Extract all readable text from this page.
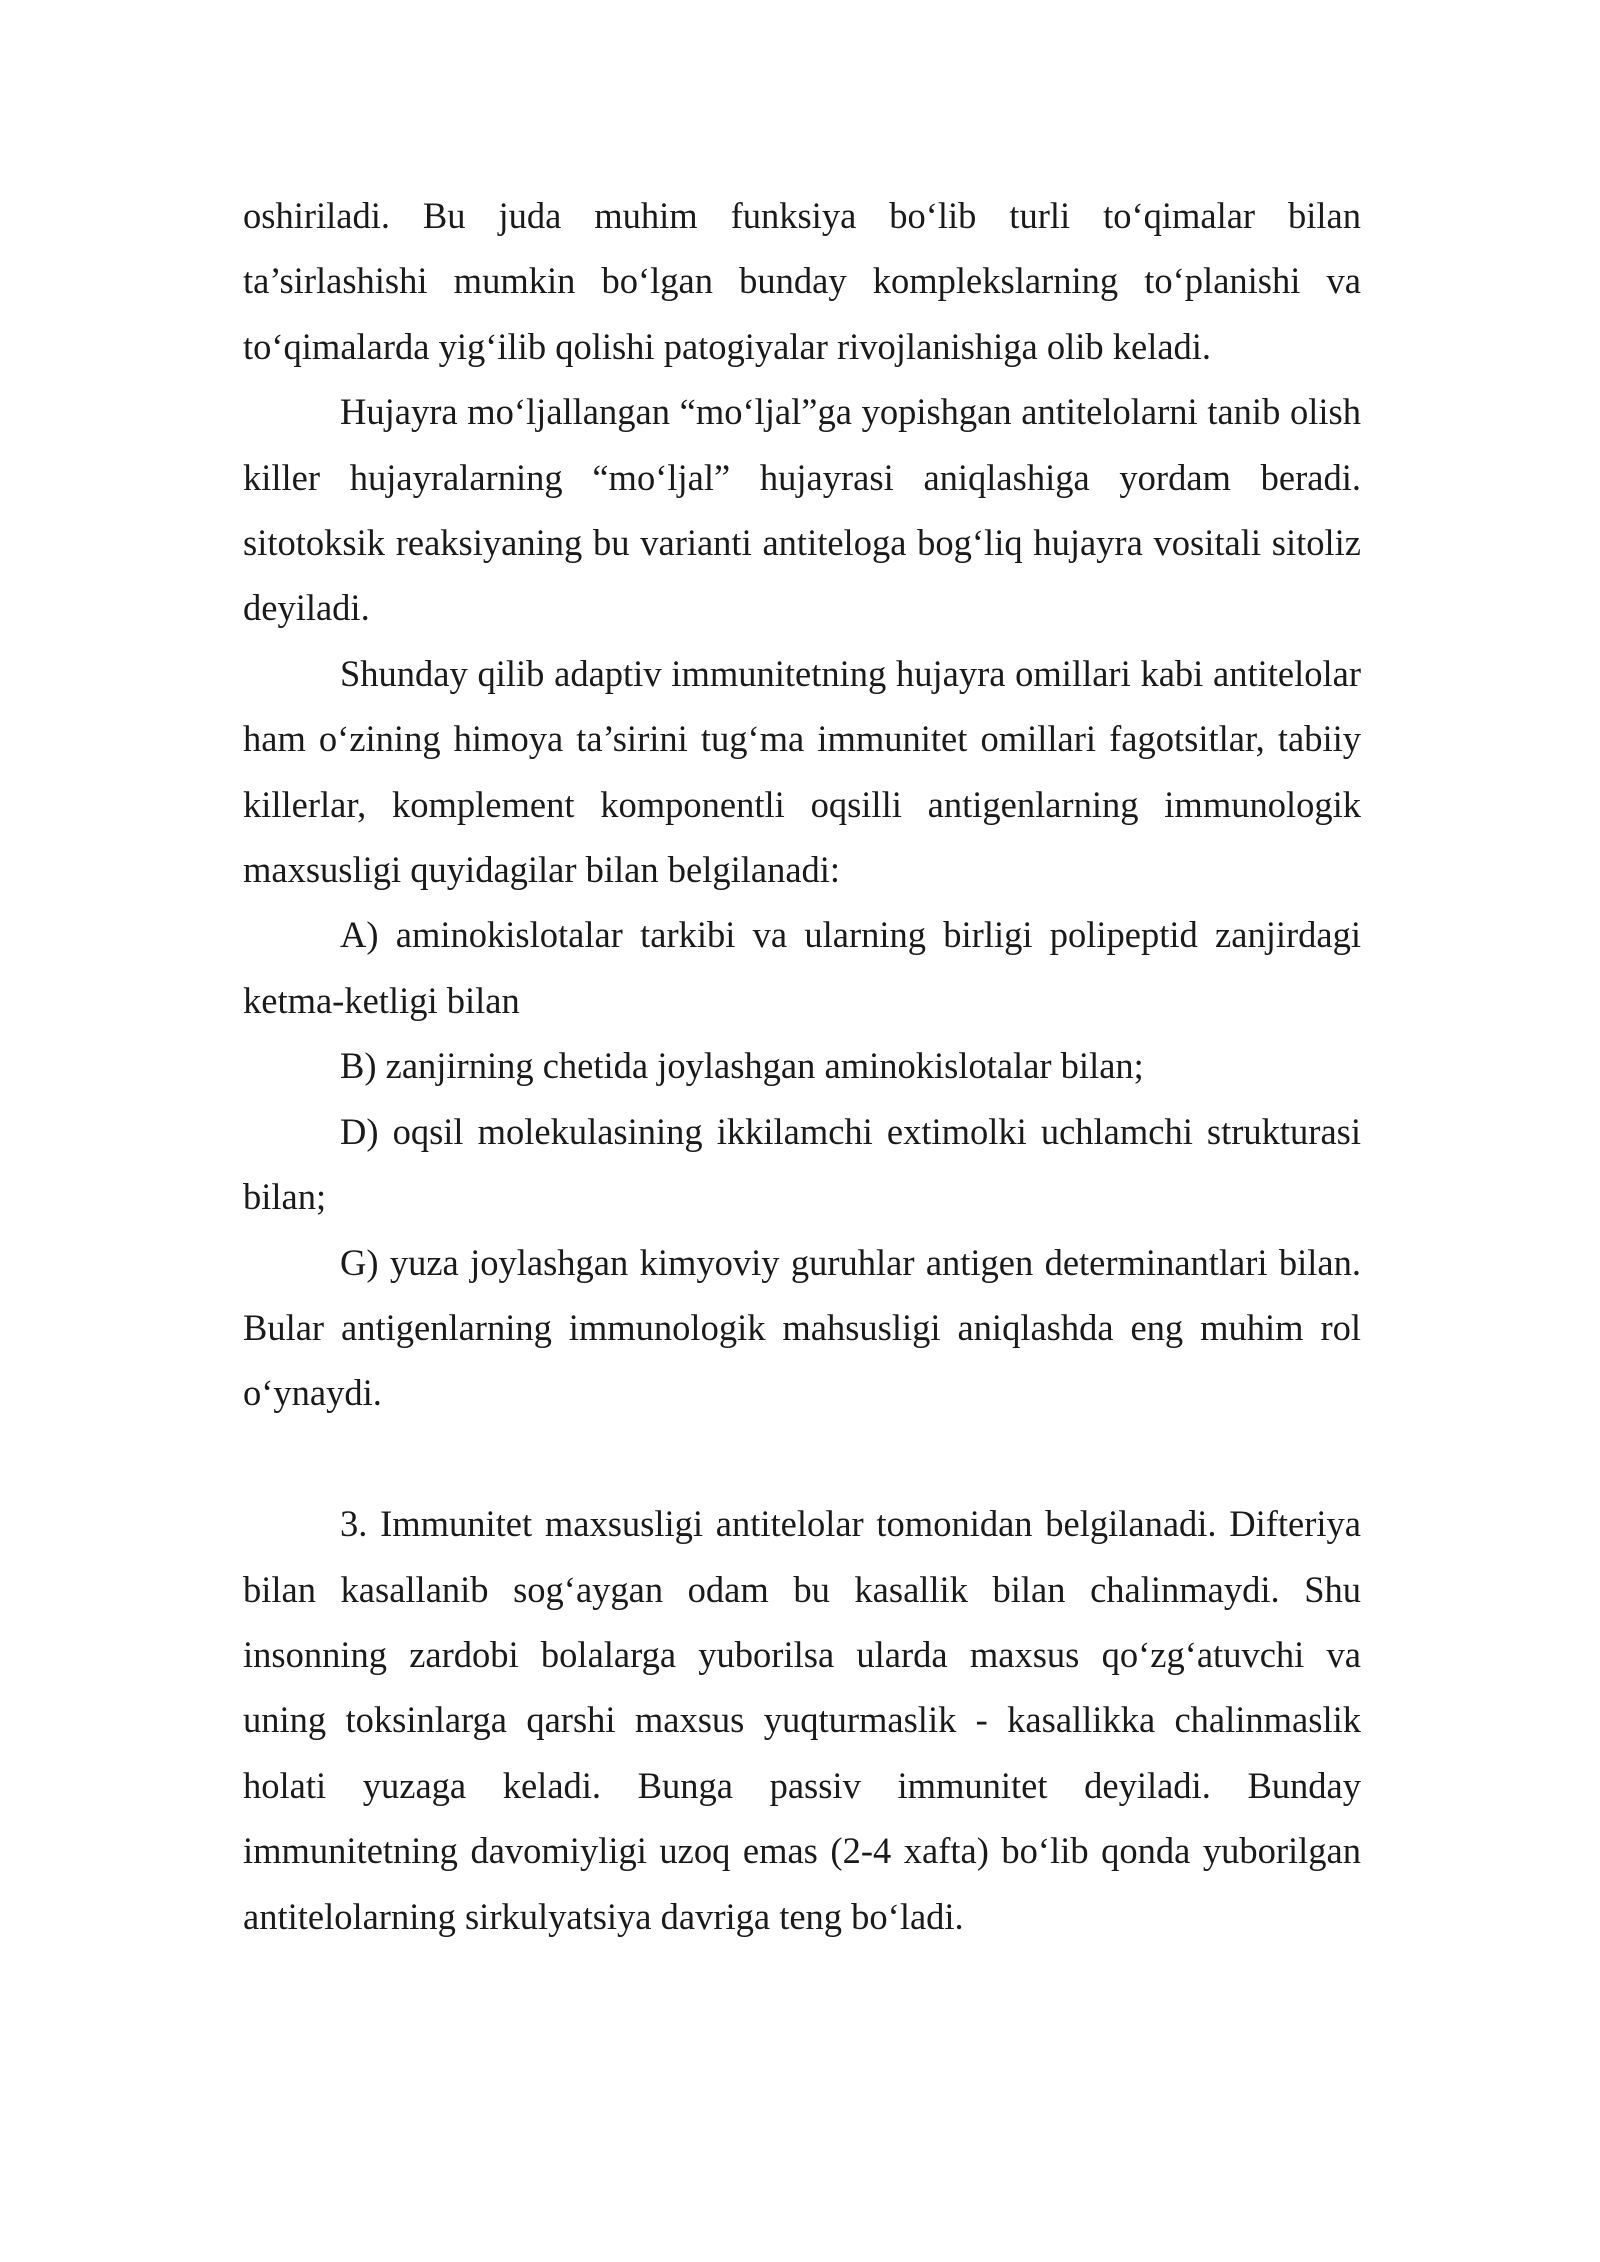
oshiriladi. Bu juda muhim funksiya bo‘lib turli to‘qimalar bilan ta’sirlashishi mumkin bo‘lgan bunday komplekslarning to‘planishi va to‘qimalarda yig‘ilib qolishi patogiyalar rivojlanishiga olib keladi.

Hujayra mo‘ljallangan “mo‘ljal”ga yopishgan antitelolarni tanib olish killer hujayralarning “mo‘ljal” hujayrasi aniqlashiga yordam beradi. sitotoksik reaksiyaning bu varianti antiteloga bog‘liq hujayra vositali sitoliz deyiladi.

Shunday qilib adaptiv immunitetning hujayra omillari kabi antitelolar ham o‘zining himoya ta’sirini tug‘ma immunitet omillari fagotsitlar, tabiiy killerlar, komplement komponentli oqsilli antigenlarning immunologik maxsusligi quyidagilar bilan belgilanadi:

A) aminokislotalar tarkibi va ularning birligi polipeptid zanjirdagi ketma-ketligi bilan

B) zanjirning chetida joylashgan aminokislotalar bilan;

D) oqsil molekulasining ikkilamchi extimolki uchlamchi strukturasi bilan;

G) yuza joylashgan kimyoviy guruhlar antigen determinantlari bilan. Bular antigenlarning immunologik mahsusligi aniqlashda eng muhim rol o‘ynaydi.

3. Immunitet maxsusligi antitelolar tomonidan belgilanadi. Difteriya bilan kasallanib sog‘aygan odam bu kasallik bilan chalinmaydi. Shu insonning zardobi bolalarga yuborilsa ularda maxsus qo‘zg‘atuvchi va uning toksinlarga qarshi maxsus yuqturmaslik - kasallikka chalinmaslik holati yuzaga keladi. Bunga passiv immunitet deyiladi. Bunday immunitetning davomiyligi uzoq emas (2-4 xafta) bo‘lib qonda yuborilgan antitelolarning sirkulyatsiya davriga teng bo‘ladi.
